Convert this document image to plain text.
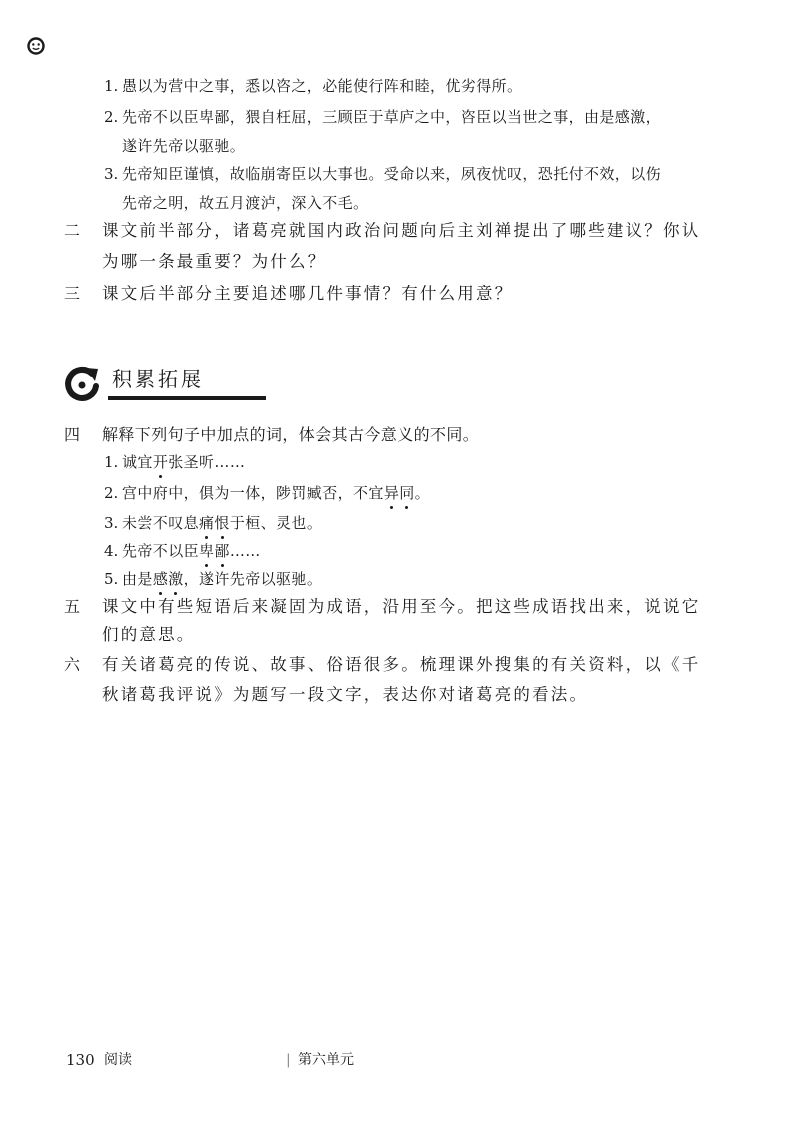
1. 愚以为营中之事，悉以咨之，必能使行阵和睦，优劣得所。
2. 先帝不以臣卑鄙，猥自枉屈，三顾臣于草庐之中，咨臣以当世之事，由是感激，
遂许先帝以驱驰。
3. 先帝知臣谨慎，故临崩寄臣以大事也。受命以来，夙夜忧叹，恐托付不效，以伤
先帝之明，故五月渡泸，深入不毛。
二 课文前半部分，诸葛亮就国内政治问题向后主刘禅提出了哪些建议？你认
为哪一条最重要？为什么？
三 课文后半部分主要追述哪几件事情？有什么用意？
积累拓展
四 解释下列句子中加点的词，体会其古今意义的不同。
1. 诚宜开张圣听……
2. 宫中府中，俱为一体，陟罚臧否，不宜异同。
3. 未尝不叹息痛恨于桓、灵也。
4. 先帝不以臣卑鄙……
5. 由是感激，遂许先帝以驱驰。
五 课文中有些短语后来凝固为成语，沿用至今。把这些成语找出来，说说它
们的意思。
六 有关诸葛亮的传说、故事、俗语很多。梳理课外搜集的有关资料，以《千
秋诸葛我评说》为题写一段文字，表达你对诸葛亮的看法。
130 阅读	| 第六单元
